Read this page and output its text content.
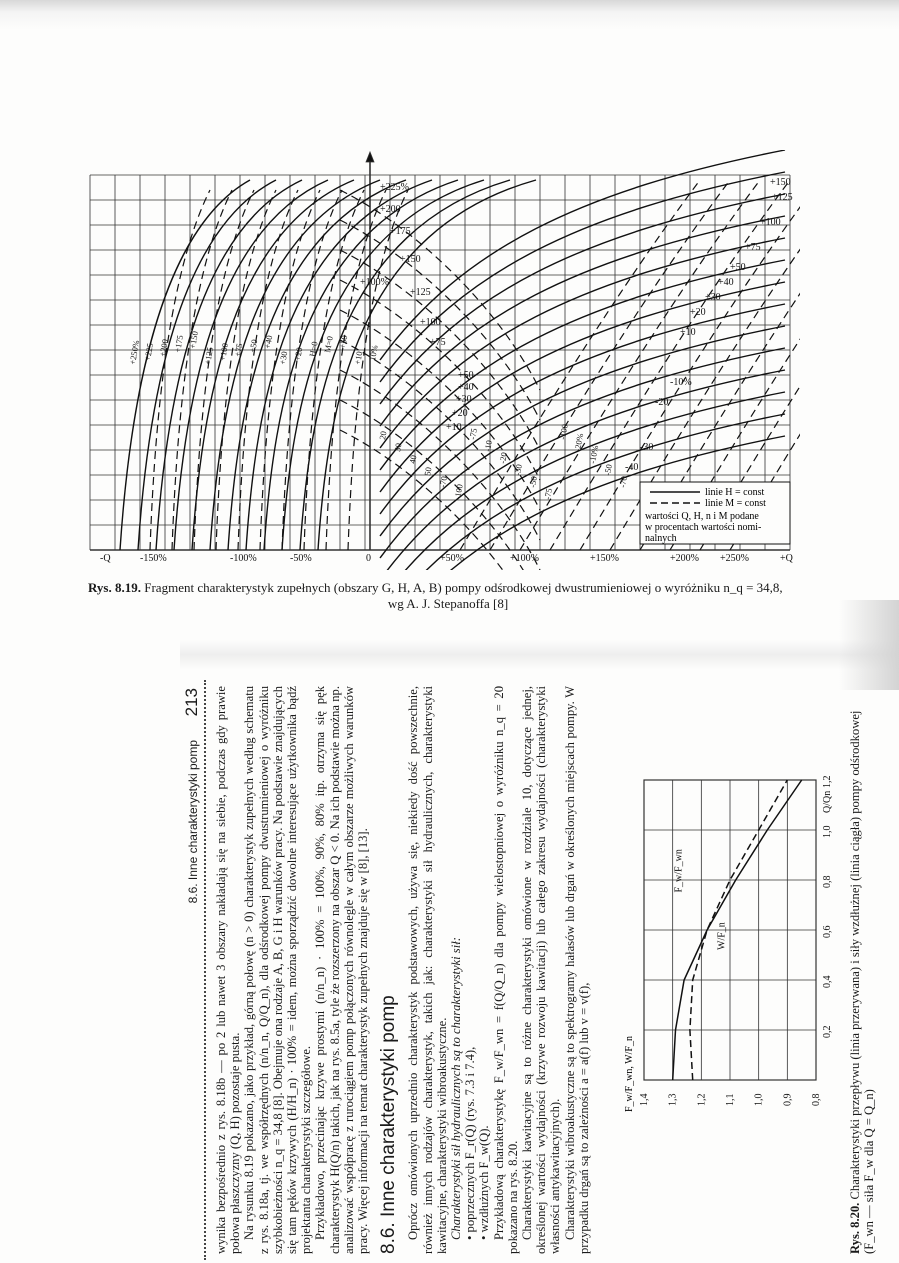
-Q	-150%	-100%	-50%	0	+50%	+100%	+150%	+200% +250%	+Q
+225%
+200
+175
+150
+125
+100
+75
+100%
+50
+40
+30
+20
+10
+150
+125
+100
+75
+50
+40
+30
+20
+10
-10%
-20
-30
-40
+250% +225 +200 +175 +150
+125 +100 +75 +50 +40
+30 +20 H=0 M=0 +50
+10 10%
20
30
40
50
-70
-100
-75
-10
-20
-30
-50
-75
-100
-20%
-10%
-50
-70
linie H = const
linie M = const
wartości Q, H, n i M podane
w procentach wartości nomi-
nalnych
Rys. 8.19. Fragment charakterystyk zupełnych (obszary G, H, A, B) pompy odśrodkowej dwustrumieniowej o wyróżniku n_q = 34,8,
wg A. J. Stepanoffa [8]
8.6. Inne charakterystyki pomp
213 wynika bezpośrednio z rys. 8.18b — po 2 lub nawet 3 obszary nakładają się na siebie, podczas gdy prawie połowa płaszczyzny (Q, H) pozostaje pusta. Na rysunku 8.19 pokazano, jako przykład, górną połowę (n > 0) charakterystyk zupełnych według schematu z rys. 8.18a, tj. we współrzędnych (n/n_n, Q/Q_n), dla odśrodkowej pompy dwustrumieniowej o wyróżniku szybkobieżności n_q = 34,8 [8]. Obejmuje ona rodzaje A, B, G i H warunków pracy. Na podstawie znajdujących się tam pęków krzywych (H/H_n) · 100% = idem, można sporządzić dowolne interesujące użytkownika bądź projektanta charakterystyki szczegółowe. Przykładowo, przecinając krzywe prostymi (n/n_n) · 100% = 100%, 90%, 80% itp. otrzyma się pęk charakterystyk H(Q/n) takich, jak na rys. 8.5a, tyle że rozszerzony na obszar Q < 0. Na ich podstawie można np. analizować współpracę z rurociągiem pomp połączonych równolegle w całym obszarze możliwych warunków pracy. Więcej informacji na temat charakterystyk zupełnych znajduje się w [8], [13]. 8.6. Inne charakterystyki pomp Oprócz omówionych uprzednio charakterystyk podstawowych, używa się, niekiedy dość powszechnie, również innych rodzajów charakterystyk, takich jak: charakterystyki sił hydraulicznych, charakterystyki kawitacyjne, charakterystyki wibroakustyczne. Charakterystyki sił hydraulicznych są to charakterystyki sił: • poprzecznych F_r(Q) (rys. 7.3 i 7.4), • wzdłużnych F_w(Q). Przykładową charakterystykę F_w/F_wn = f(Q/Q_n) dla pompy wielostopniowej o wyróżniku n_q = 20 pokazano na rys. 8.20. Charakterystyki kawitacyjne są to różne charakterystyki omówione w rozdziale 10, dotyczące jednej, określonej wartości wydajności (krzywe rozwoju kawitacji) lub całego zakresu wydajności (charakterystyki własności antykawitacyjnych). Charakterystyki wibroakustyczne są to spektrogramy hałasów lub drgań w określonych miejscach pompy. W przypadku drgań są to zależności a = a(f) lub v = v(f),	1,4 1,3 1,2 1,1 1,0 0,9 0,8
0,2
0,4
0,6
0,8
1,0
Q/Qn
1,2
F_w/F_wn
W/F_n
F_w/F_wn, W/F_n
Rys. 8.20. Charakterystyki przepływu (linia przerywana) i siły wzdłużnej (linia ciągła) pompy odśrodkowej (F_wn — siła F_w dla Q = Q_n)
